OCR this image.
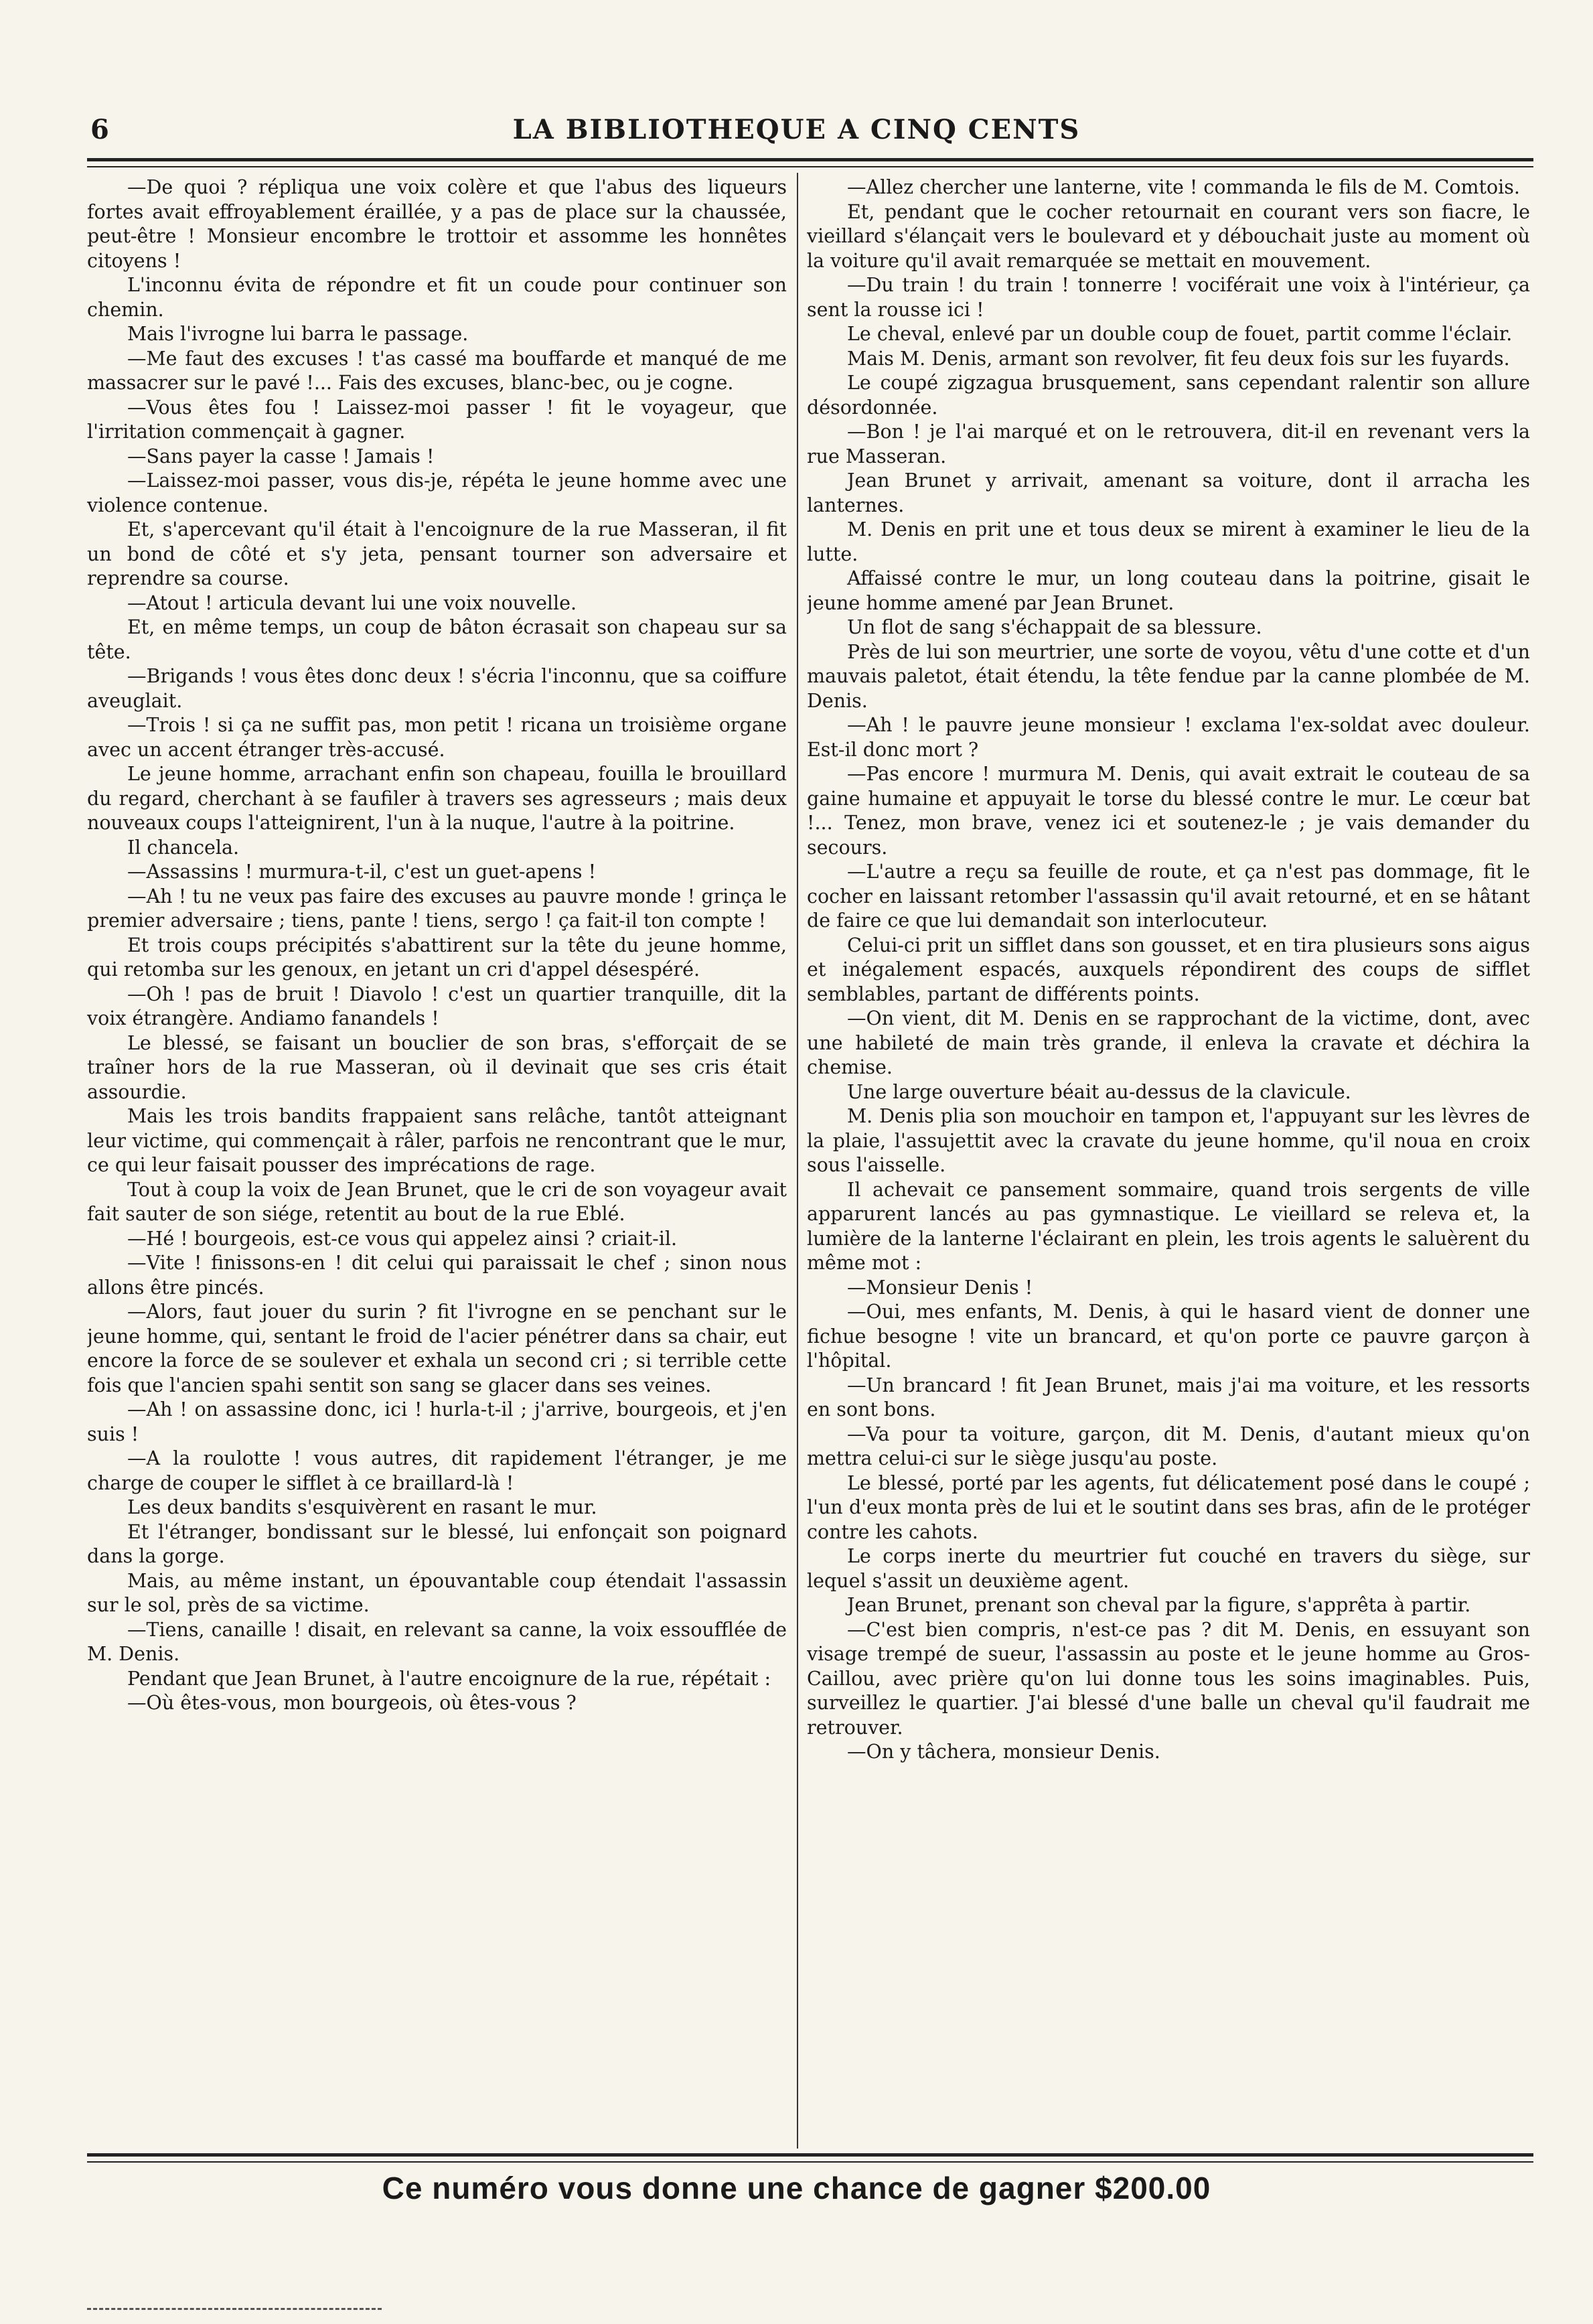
6	LA BIBLIOTHEQUE A CINQ CENTS

—De quoi ? répliqua une voix colère et que l'abus des liqueurs fortes avait effroyablement éraillée, y a pas de place sur la chaussée, peut-être ! Monsieur encombre le trottoir et assomme les honnêtes citoyens !

L'inconnu évita de répondre et fit un coude pour continuer son chemin.

Mais l'ivrogne lui barra le passage.

—Me faut des excuses ! t'as cassé ma bouffarde et manqué de me massacrer sur le pavé !... Fais des excuses, blanc-bec, ou je cogne.

—Vous êtes fou ! Laissez-moi passer ! fit le voyageur, que l'irritation commençait à gagner.

—Sans payer la casse ! Jamais !

—Laissez-moi passer, vous dis-je, répéta le jeune homme avec une violence contenue.

Et, s'apercevant qu'il était à l'encoignure de la rue Masseran, il fit un bond de côté et s'y jeta, pensant tourner son adversaire et reprendre sa course.

—Atout ! articula devant lui une voix nouvelle.

Et, en même temps, un coup de bâton écrasait son chapeau sur sa tête.

—Brigands ! vous êtes donc deux ! s'écria l'inconnu, que sa coiffure aveuglait.

—Trois ! si ça ne suffit pas, mon petit ! ricana un troisième organe avec un accent étranger très-accusé.

Le jeune homme, arrachant enfin son chapeau, fouilla le brouillard du regard, cherchant à se faufiler à travers ses agresseurs ; mais deux nouveaux coups l'atteignirent, l'un à la nuque, l'autre à la poitrine.

Il chancela.

—Assassins ! murmura-t-il, c'est un guet-apens !

—Ah ! tu ne veux pas faire des excuses au pauvre monde ! grinça le premier adversaire ; tiens, pante ! tiens, sergo ! ça fait-il ton compte !

Et trois coups précipités s'abattirent sur la tête du jeune homme, qui retomba sur les genoux, en jetant un cri d'appel désespéré.

—Oh ! pas de bruit ! Diavolo ! c'est un quartier tranquille, dit la voix étrangère. Andiamo fanandels !

Le blessé, se faisant un bouclier de son bras, s'efforçait de se traîner hors de la rue Masseran, où il devinait que ses cris était assourdie.

Mais les trois bandits frappaient sans relâche, tantôt atteignant leur victime, qui commençait à râler, parfois ne rencontrant que le mur, ce qui leur faisait pousser des imprécations de rage.

Tout à coup la voix de Jean Brunet, que le cri de son voyageur avait fait sauter de son siége, retentit au bout de la rue Eblé.

—Hé ! bourgeois, est-ce vous qui appelez ainsi ? criait-il.

—Vite ! finissons-en ! dit celui qui paraissait le chef ; sinon nous allons être pincés.

—Alors, faut jouer du surin ? fit l'ivrogne en se penchant sur le jeune homme, qui, sentant le froid de l'acier pénétrer dans sa chair, eut encore la force de se soulever et exhala un second cri ; si terrible cette fois que l'ancien spahi sentit son sang se glacer dans ses veines.

—Ah ! on assassine donc, ici ! hurla-t-il ; j'arrive, bourgeois, et j'en suis !

—A la roulotte ! vous autres, dit rapidement l'étranger, je me charge de couper le sifflet à ce braillard-là !

Les deux bandits s'esquivèrent en rasant le mur.

Et l'étranger, bondissant sur le blessé, lui enfonçait son poignard dans la gorge.

Mais, au même instant, un épouvantable coup étendait l'assassin sur le sol, près de sa victime.

—Tiens, canaille ! disait, en relevant sa canne, la voix essoufflée de M. Denis.

Pendant que Jean Brunet, à l'autre encoignure de la rue, répétait :

—Où êtes-vous, mon bourgeois, où êtes-vous ?

—Allez chercher une lanterne, vite ! commanda le fils de M. Comtois.

Et, pendant que le cocher retournait en courant vers son fiacre, le vieillard s'élançait vers le boulevard et y débouchait juste au moment où la voiture qu'il avait remarquée se mettait en mouvement.

—Du train ! du train ! tonnerre ! vociférait une voix à l'intérieur, ça sent la rousse ici !

Le cheval, enlevé par un double coup de fouet, partit comme l'éclair.

Mais M. Denis, armant son revolver, fit feu deux fois sur les fuyards.

Le coupé zigzagua brusquement, sans cependant ralentir son allure désordonnée.

—Bon ! je l'ai marqué et on le retrouvera, dit-il en revenant vers la rue Masseran.

Jean Brunet y arrivait, amenant sa voiture, dont il arracha les lanternes.

M. Denis en prit une et tous deux se mirent à examiner le lieu de la lutte.

Affaissé contre le mur, un long couteau dans la poitrine, gisait le jeune homme amené par Jean Brunet.

Un flot de sang s'échappait de sa blessure.

Près de lui son meurtrier, une sorte de voyou, vêtu d'une cotte et d'un mauvais paletot, était étendu, la tête fendue par la canne plombée de M. Denis.

—Ah ! le pauvre jeune monsieur ! exclama l'ex-soldat avec douleur. Est-il donc mort ?

—Pas encore ! murmura M. Denis, qui avait extrait le couteau de sa gaine humaine et appuyait le torse du blessé contre le mur. Le cœur bat !... Tenez, mon brave, venez ici et soutenez-le ; je vais demander du secours.

—L'autre a reçu sa feuille de route, et ça n'est pas dommage, fit le cocher en laissant retomber l'assassin qu'il avait retourné, et en se hâtant de faire ce que lui demandait son interlocuteur.

Celui-ci prit un sifflet dans son gousset, et en tira plusieurs sons aigus et inégalement espacés, auxquels répondirent des coups de sifflet semblables, partant de différents points.

—On vient, dit M. Denis en se rapprochant de la victime, dont, avec une habileté de main très grande, il enleva la cravate et déchira la chemise.

Une large ouverture béait au-dessus de la clavicule.

M. Denis plia son mouchoir en tampon et, l'appuyant sur les lèvres de la plaie, l'assujettit avec la cravate du jeune homme, qu'il noua en croix sous l'aisselle.

Il achevait ce pansement sommaire, quand trois sergents de ville apparurent lancés au pas gymnastique. Le vieillard se releva et, la lumière de la lanterne l'éclairant en plein, les trois agents le saluèrent du même mot :

—Monsieur Denis !

—Oui, mes enfants, M. Denis, à qui le hasard vient de donner une fichue besogne ! vite un brancard, et qu'on porte ce pauvre garçon à l'hôpital.

—Un brancard ! fit Jean Brunet, mais j'ai ma voiture, et les ressorts en sont bons.

—Va pour ta voiture, garçon, dit M. Denis, d'autant mieux qu'on mettra celui-ci sur le siège jusqu'au poste.

Le blessé, porté par les agents, fut délicatement posé dans le coupé ; l'un d'eux monta près de lui et le soutint dans ses bras, afin de le protéger contre les cahots.

Le corps inerte du meurtrier fut couché en travers du siège, sur lequel s'assit un deuxième agent.

Jean Brunet, prenant son cheval par la figure, s'apprêta à partir.

—C'est bien compris, n'est-ce pas ? dit M. Denis, en essuyant son visage trempé de sueur, l'assassin au poste et le jeune homme au Gros-Caillou, avec prière qu'on lui donne tous les soins imaginables. Puis, surveillez le quartier. J'ai blessé d'une balle un cheval qu'il faudrait me retrouver.

—On y tâchera, monsieur Denis.

Ce numéro vous donne une chance de gagner $200.00
